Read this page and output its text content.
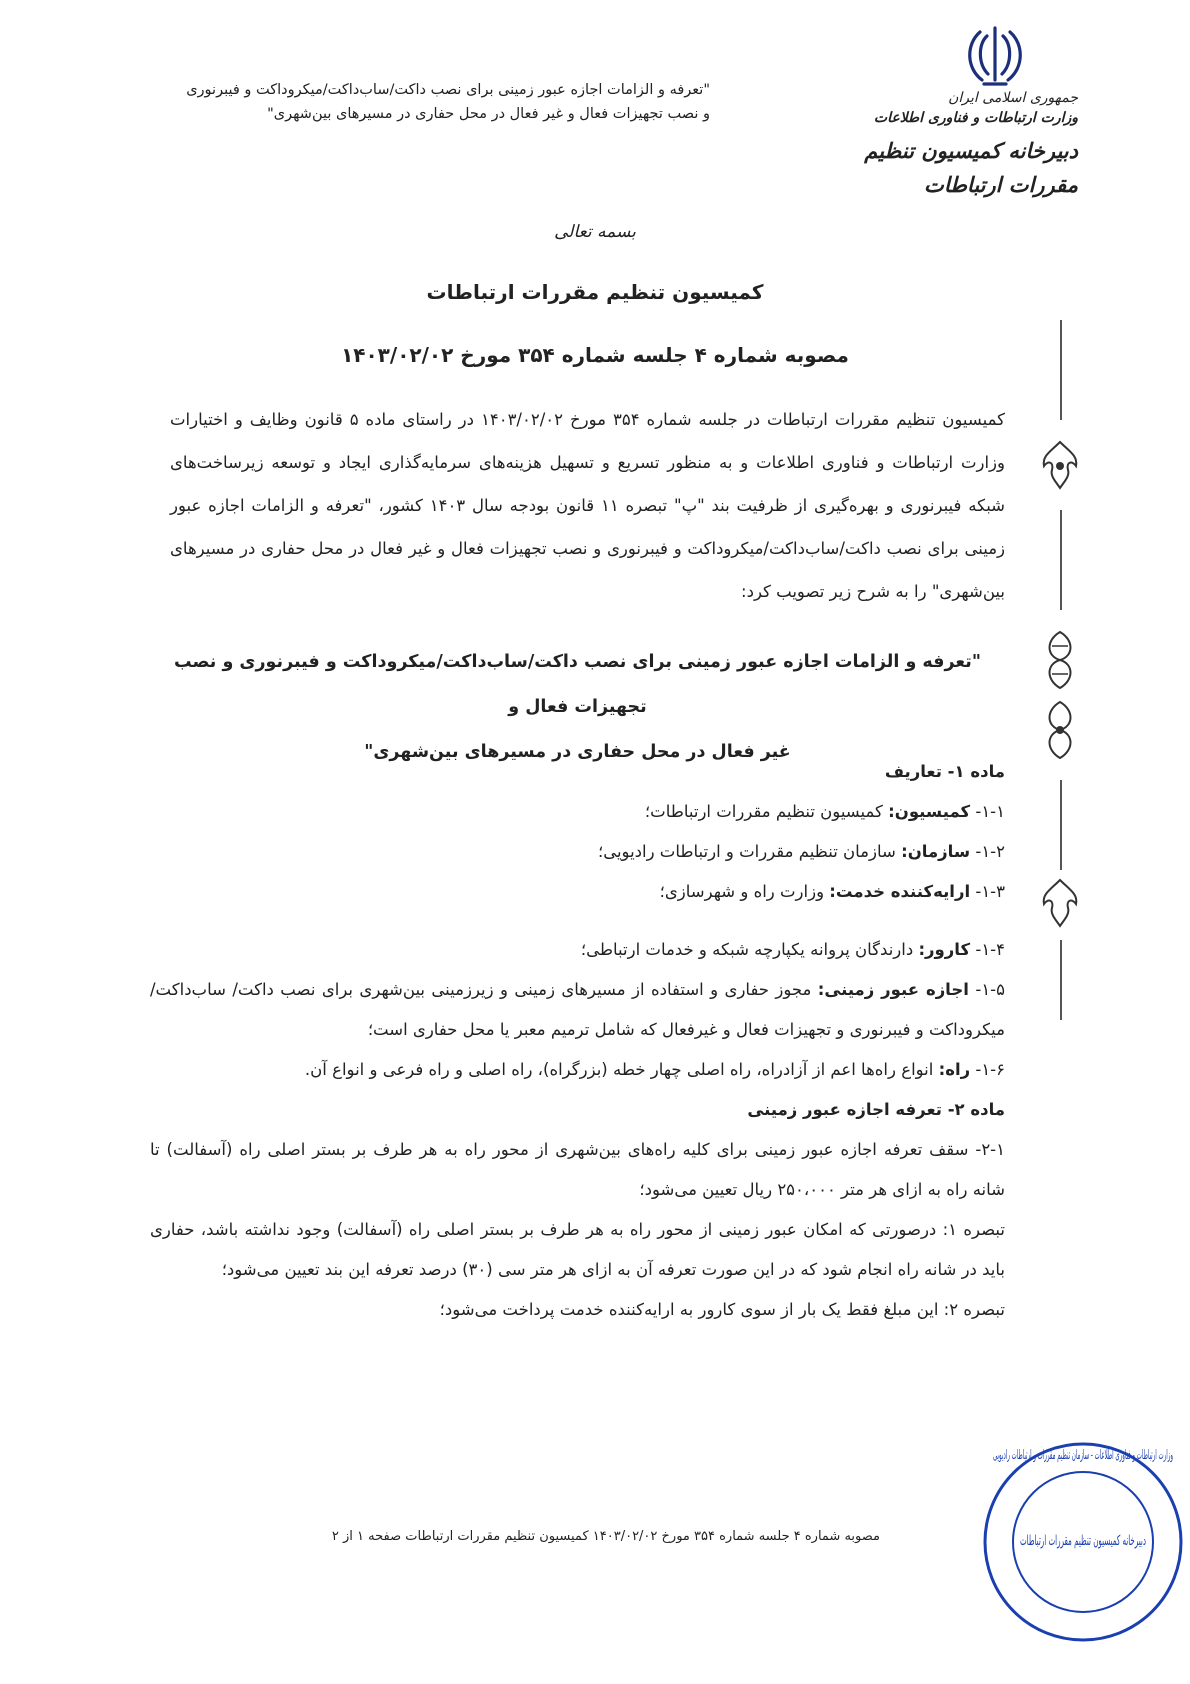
"تعرفه و الزامات اجازه عبور زمینی برای نصب داکت/ساب‌داکت/میکروداکت و فیبرنوری
و نصب تجهیزات فعال و غیر فعال در محل حفاری در مسیرهای بین‌شهری"
جمهوری اسلامی ایران
وزارت ارتباطات و فناوری اطلاعات
دبیرخانه کمیسیون تنظیم مقررات ارتباطات
بسمه تعالی
کمیسیون تنظیم مقررات ارتباطات
مصوبه شماره ۴ جلسه شماره ۳۵۴ مورخ ۱۴۰۳/۰۲/۰۲
کمیسیون تنظیم مقررات ارتباطات در جلسه شماره ۳۵۴ مورخ ۱۴۰۳/۰۲/۰۲ در راستای ماده ۵ قانون وظایف و اختیارات وزارت ارتباطات و فناوری اطلاعات و به منظور تسریع و تسهیل هزینه‌های سرمایه‌گذاری ایجاد و توسعه زیرساخت‌های شبکه فیبرنوری و بهره‌گیری از ظرفیت بند "پ" تبصره ۱۱ قانون بودجه سال ۱۴۰۳ کشور، "تعرفه و الزامات اجازه عبور زمینی برای نصب داکت/ساب‌داکت/میکروداکت و فیبرنوری و نصب تجهیزات فعال و غیر فعال در محل حفاری در مسیرهای بین‌شهری" را به شرح زیر تصویب کرد:
"تعرفه و الزامات اجازه عبور زمینی برای نصب داکت/ساب‌داکت/میکروداکت و فیبرنوری و نصب تجهیزات فعال و
غیر فعال در محل حفاری در مسیرهای بین‌شهری"
ماده ۱- تعاریف
۱-۱- کمیسیون: کمیسیون تنظیم مقررات ارتباطات؛
۱-۲- سازمان: سازمان تنظیم مقررات و ارتباطات رادیویی؛
۱-۳- ارایه‌کننده خدمت: وزارت راه و شهرسازی؛
۱-۴- کارور: دارندگان پروانه یکپارچه شبکه و خدمات ارتباطی؛
۱-۵- اجازه عبور زمینی: مجوز حفاری و استفاده از مسیرهای زمینی و زیرزمینی بین‌شهری برای نصب داکت/ ساب‌داکت/ میکروداکت و فیبرنوری و تجهیزات فعال و غیرفعال که شامل ترمیم معبر یا محل حفاری است؛
۱-۶- راه: انواع راه‌ها اعم از آزادراه، راه اصلی چهار خطه (بزرگراه)، راه اصلی و راه فرعی و انواع آن.
ماده ۲- تعرفه اجازه عبور زمینی
۲-۱- سقف تعرفه اجازه عبور زمینی برای کلیه راه‌های بین‌شهری از محور راه به هر طرف بر بستر اصلی راه (آسفالت) تا شانه راه به ازای هر متر ۲۵۰،۰۰۰ ریال تعیین می‌شود؛
تبصره ۱: درصورتی که امکان عبور زمینی از محور راه به هر طرف بر بستر اصلی راه (آسفالت) وجود نداشته باشد، حفاری باید در شانه راه انجام شود که در این صورت تعرفه آن به ازای هر متر سی (۳۰) درصد تعرفه این بند تعیین می‌شود؛
تبصره ۲: این مبلغ فقط یک بار از سوی کارور به ارایه‌کننده خدمت پرداخت می‌شود؛
مصوبه شماره ۴ جلسه شماره ۳۵۴ مورخ ۱۴۰۳/۰۲/۰۲ کمیسیون تنظیم مقررات ارتباطات صفحه ۱ از ۲
وزارت ارتباطات و فناوری اطلاعات - سازمان تنظیم مقررات و ارتباطات رادیویی
دبیرخانه کمیسیون تنظیم مقررات ارتباطات
